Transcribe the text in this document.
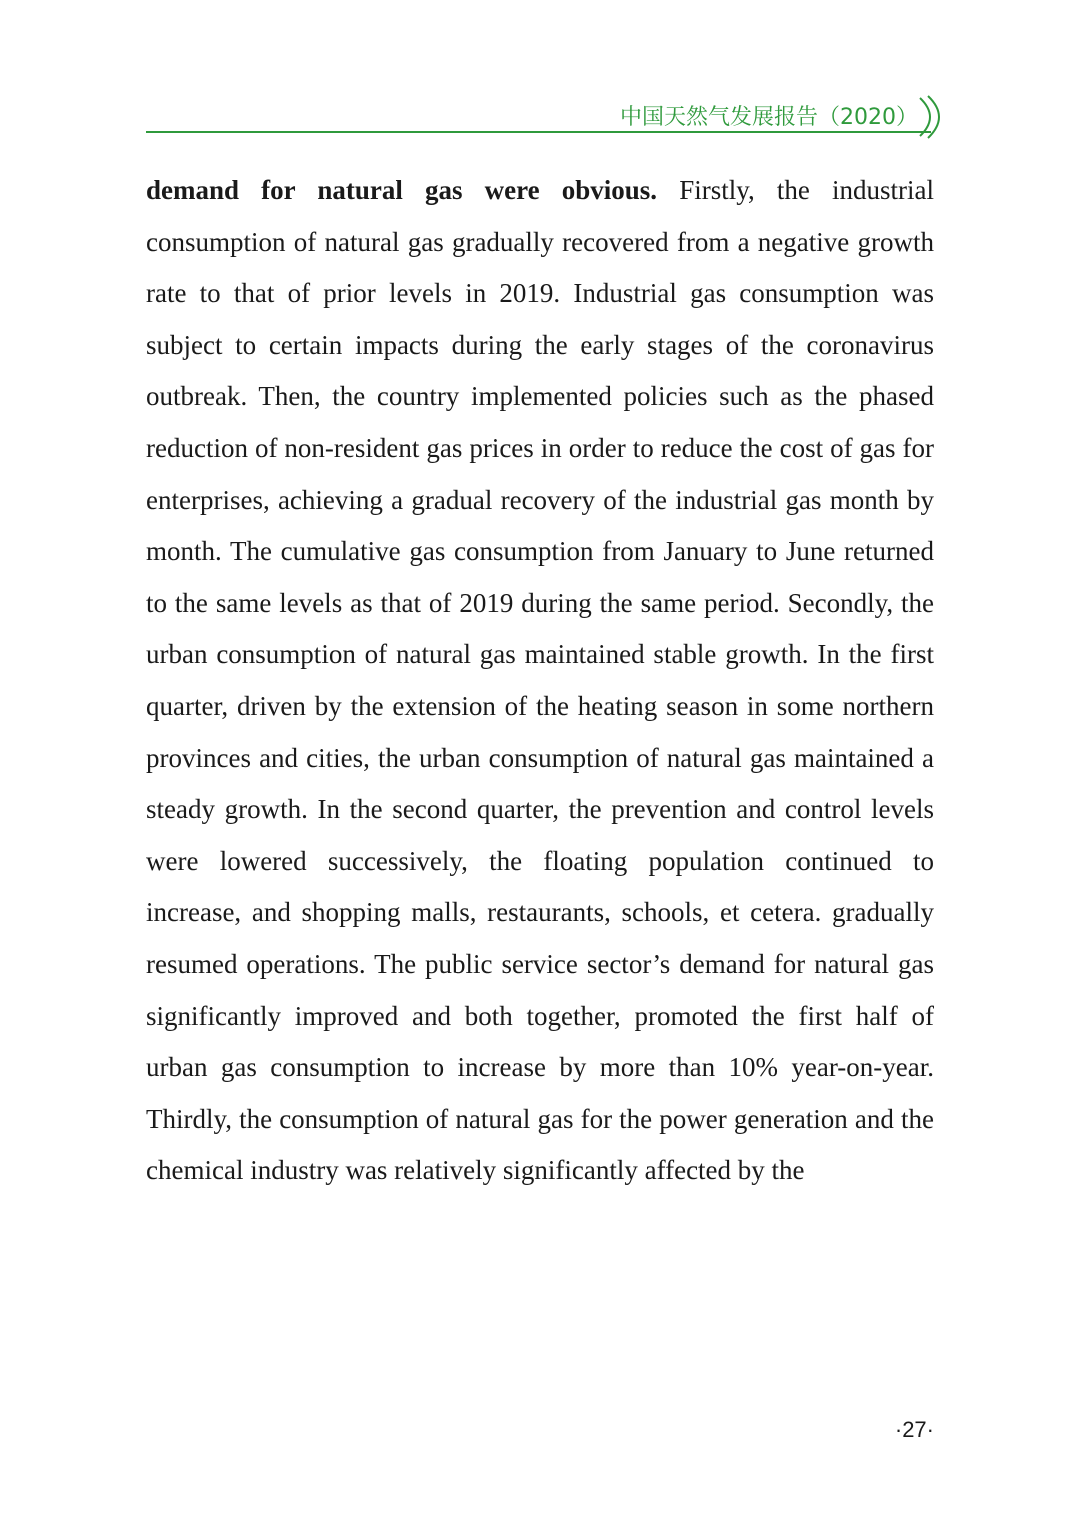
中国天然气发展报告（2020）

demand for natural gas were obvious. Firstly, the industrial consumption of natural gas gradually recovered from a negative growth rate to that of prior levels in 2019. Industrial gas consumption was subject to certain impacts during the early stages of the coronavirus outbreak. Then, the country implemented policies such as the phased reduction of non-resident gas prices in order to reduce the cost of gas for enterprises, achieving a gradual recovery of the industrial gas month by month. The cumulative gas consumption from January to June returned to the same levels as that of 2019 during the same period. Secondly, the urban consumption of natural gas maintained stable growth. In the first quarter, driven by the extension of the heating season in some northern provinces and cities, the urban consumption of natural gas maintained a steady growth. In the second quarter, the prevention and control levels were lowered successively, the floating population continued to increase, and shopping malls, restaurants, schools, et cetera. gradually resumed operations. The public service sector’s demand for natural gas significantly improved and both together, promoted the first half of urban gas consumption to increase by more than 10% year-on-year. Thirdly, the consumption of natural gas for the power generation and the chemical industry was relatively significantly affected by the

·27·
